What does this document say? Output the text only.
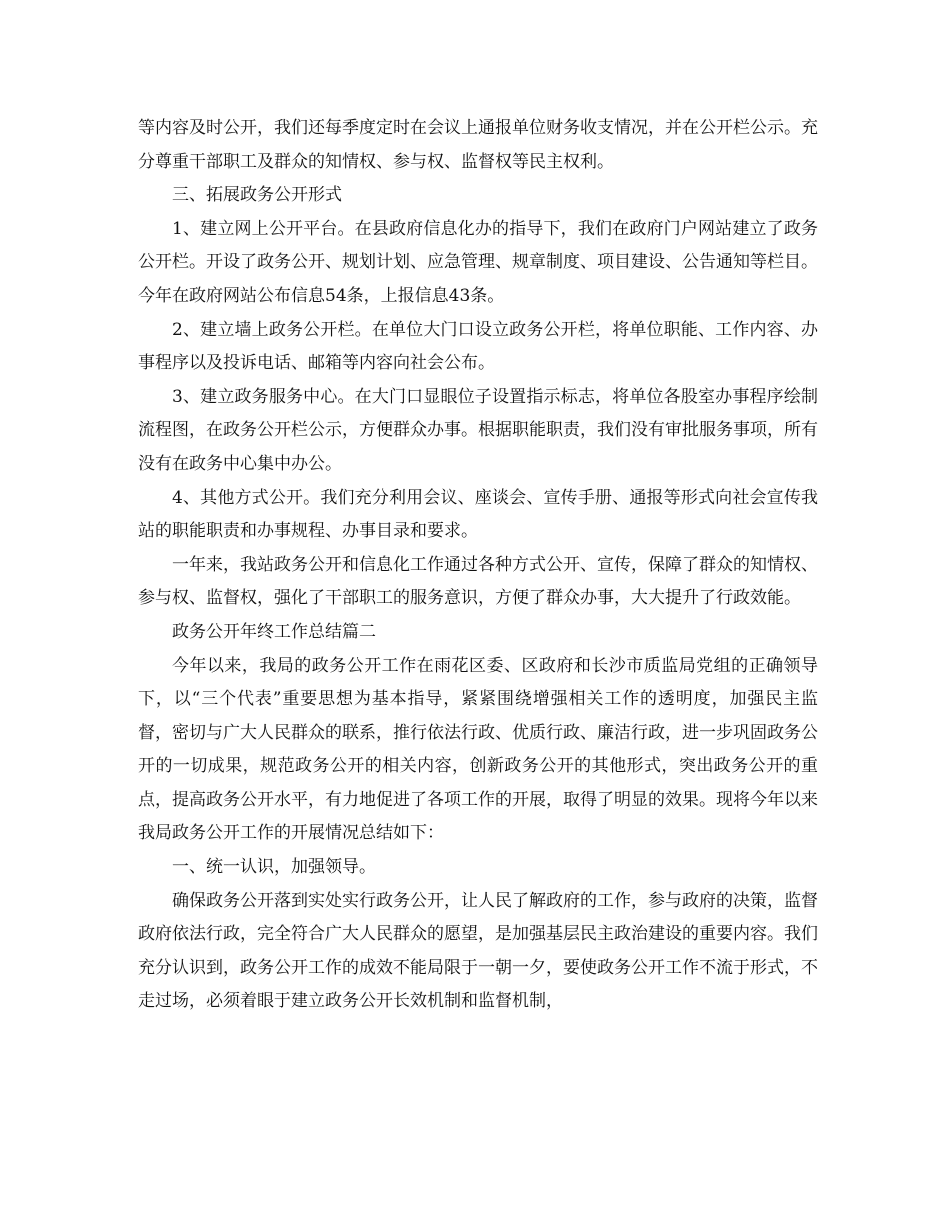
等内容及时公开，我们还每季度定时在会议上通报单位财务收支情况，并在公开栏公示。充分尊重干部职工及群众的知情权、参与权、监督权等民主权利。

三、拓展政务公开形式

1、建立网上公开平台。在县政府信息化办的指导下，我们在政府门户网站建立了政务公开栏。开设了政务公开、规划计划、应急管理、规章制度、项目建设、公告通知等栏目。今年在政府网站公布信息54条，上报信息43条。

2、建立墙上政务公开栏。在单位大门口设立政务公开栏，将单位职能、工作内容、办事程序以及投诉电话、邮箱等内容向社会公布。

3、建立政务服务中心。在大门口显眼位子设置指示标志，将单位各股室办事程序绘制流程图，在政务公开栏公示，方便群众办事。根据职能职责，我们没有审批服务事项，所有没有在政务中心集中办公。

4、其他方式公开。我们充分利用会议、座谈会、宣传手册、通报等形式向社会宣传我站的职能职责和办事规程、办事目录和要求。

一年来，我站政务公开和信息化工作通过各种方式公开、宣传，保障了群众的知情权、参与权、监督权，强化了干部职工的服务意识，方便了群众办事，大大提升了行政效能。

政务公开年终工作总结篇二

今年以来，我局的政务公开工作在雨花区委、区政府和长沙市质监局党组的正确领导下，以“三个代表”重要思想为基本指导，紧紧围绕增强相关工作的透明度，加强民主监督，密切与广大人民群众的联系，推行依法行政、优质行政、廉洁行政，进一步巩固政务公开的一切成果，规范政务公开的相关内容，创新政务公开的其他形式，突出政务公开的重点，提高政务公开水平，有力地促进了各项工作的开展，取得了明显的效果。现将今年以来我局政务公开工作的开展情况总结如下：

一、统一认识，加强领导。

确保政务公开落到实处实行政务公开，让人民了解政府的工作，参与政府的决策，监督政府依法行政，完全符合广大人民群众的愿望，是加强基层民主政治建设的重要内容。我们充分认识到，政务公开工作的成效不能局限于一朝一夕，要使政务公开工作不流于形式，不走过场，必须着眼于建立政务公开长效机制和监督机制，
